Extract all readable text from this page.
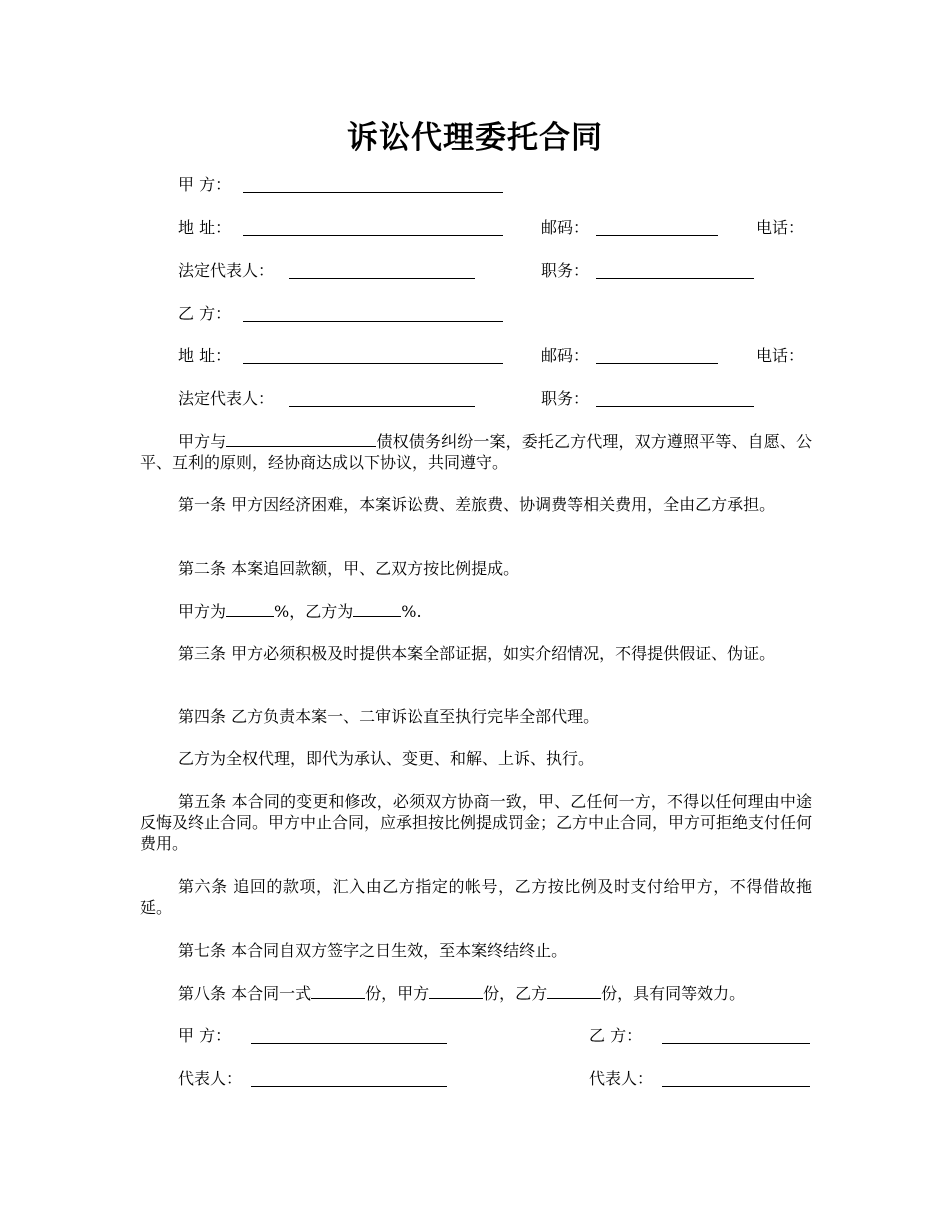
诉讼代理委托合同
甲 方：
地 址：	邮码：	电话：
法定代表人：	职务：
乙 方：
地 址：	邮码：	电话：
法定代表人：	职务：
甲方与	债权债务纠纷一案，委托乙方代理，双方遵照平等、自愿、公平、互利的原则，经协商达成以下协议，共同遵守。
第一条 甲方因经济困难，本案诉讼费、差旅费、协调费等相关费用，全由乙方承担。
第二条 本案追回款额，甲、乙双方按比例提成。
甲方为	%，乙方为	%.
第三条 甲方必须积极及时提供本案全部证据，如实介绍情况，不得提供假证、伪证。
第四条 乙方负责本案一、二审诉讼直至执行完毕全部代理。
乙方为全权代理，即代为承认、变更、和解、上诉、执行。
第五条 本合同的变更和修改，必须双方协商一致，甲、乙任何一方，不得以任何理由中途反悔及终止合同。甲方中止合同，应承担按比例提成罚金；乙方中止合同，甲方可拒绝支付任何费用。
第六条 追回的款项，汇入由乙方指定的帐号，乙方按比例及时支付给甲方，不得借故拖延。
第七条 本合同自双方签字之日生效，至本案终结终止。
第八条 本合同一式	份，甲方	份，乙方	份，具有同等效力。
甲 方：	乙 方：
代表人：	代表人：
